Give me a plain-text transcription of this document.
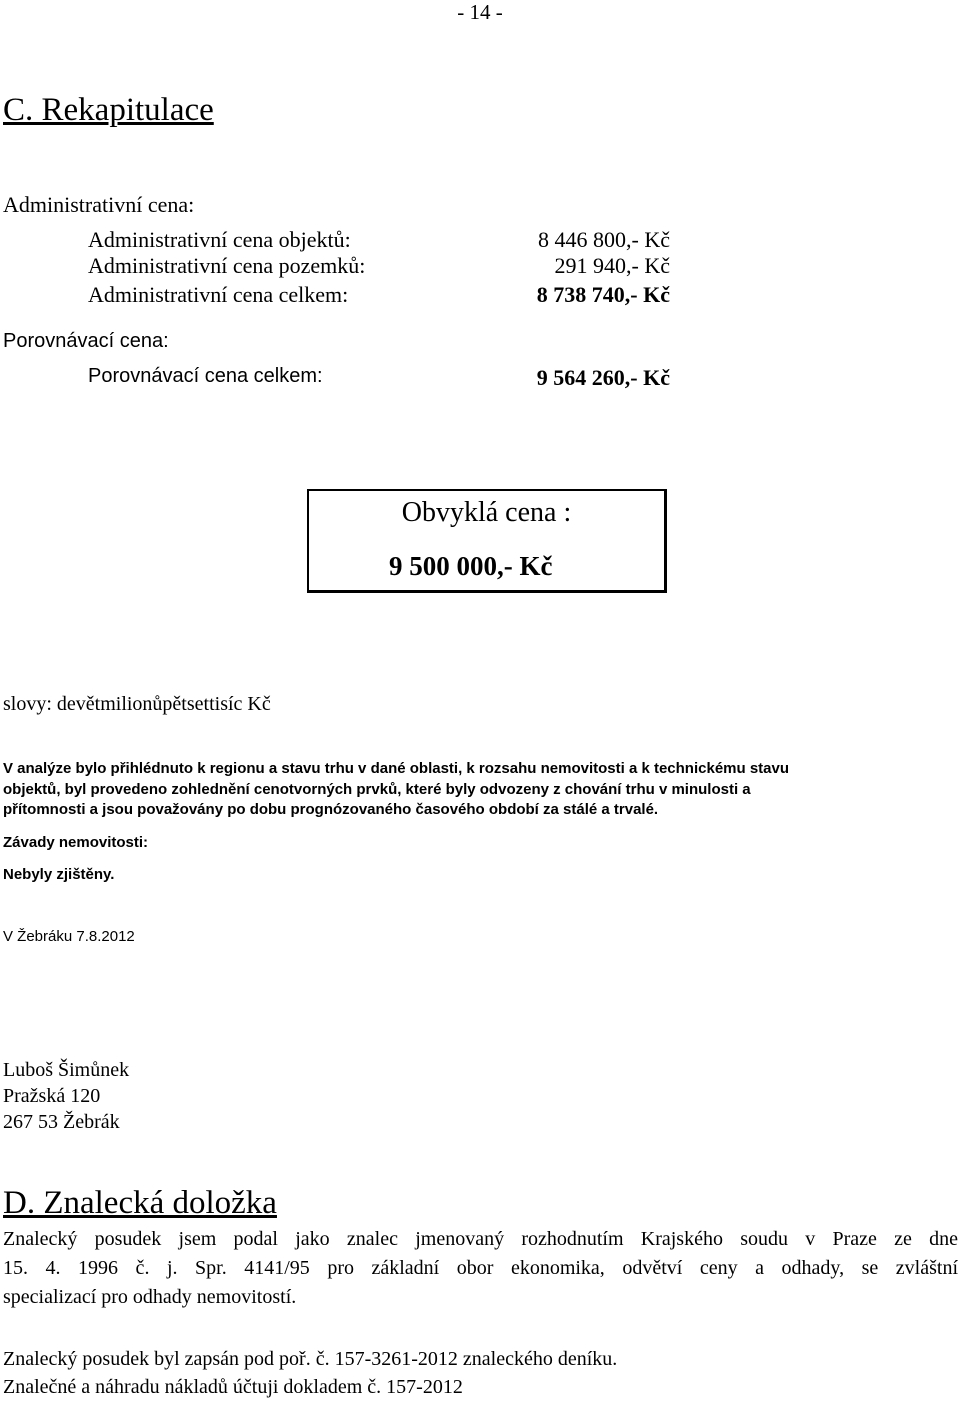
- 14 -
C. Rekapitulace
Administrativní cena:
Administrativní cena objektů:	8 446 800,- Kč
Administrativní cena pozemků:	291 940,- Kč
Administrativní cena celkem:	8 738 740,- Kč
Porovnávací cena:
Porovnávací cena celkem:	9 564 260,- Kč
Obvyklá cena :
9 500 000,- Kč
slovy: devětmilionůpětsettisíc Kč
V analýze bylo přihlédnuto k regionu a stavu trhu v dané oblasti, k rozsahu nemovitosti a k technickému stavu
objektů, byl provedeno zohlednění cenotvorných prvků, které byly odvozeny z chování trhu v minulosti a
přítomnosti a jsou považovány po dobu prognózovaného časového období za stálé a trvalé.
Závady nemovitosti:
Nebyly zjištěny.
V Žebráku 7.8.2012
Luboš Šimůnek
Pražská 120
267 53 Žebrák
D. Znalecká doložka
Znalecký posudek jsem podal jako znalec jmenovaný rozhodnutím Krajského soudu v Praze ze dne
15. 4. 1996 č. j. Spr. 4141/95 pro základní obor ekonomika, odvětví ceny a odhady, se zvláštní
specializací pro odhady nemovitostí.
Znalecký posudek byl zapsán pod poř. č. 157-3261-2012 znaleckého deníku.
Znalečné a náhradu nákladů účtuji dokladem č. 157-2012
